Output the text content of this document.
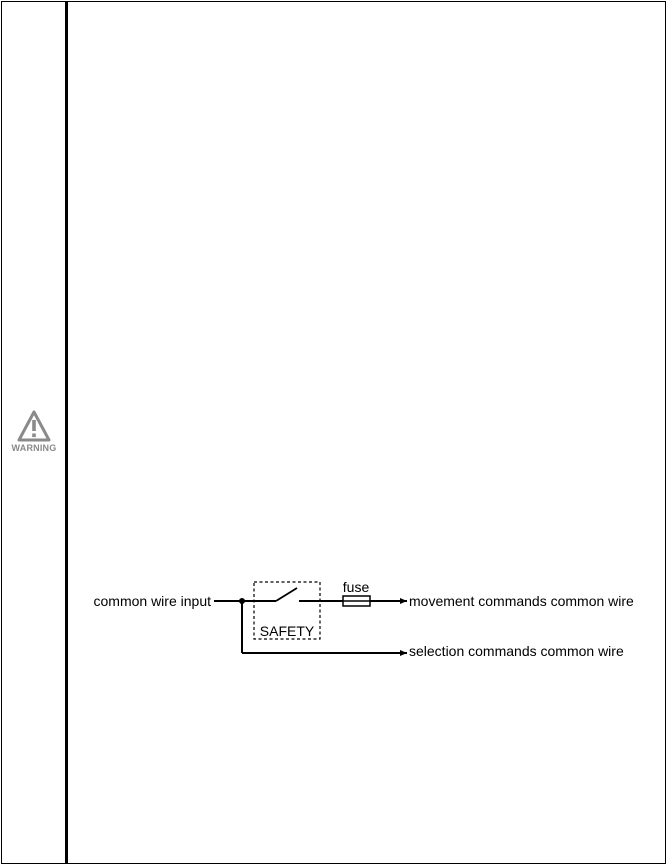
WARNING
common wire input
SAFETY
fuse
movement commands common wire
selection commands common wire
